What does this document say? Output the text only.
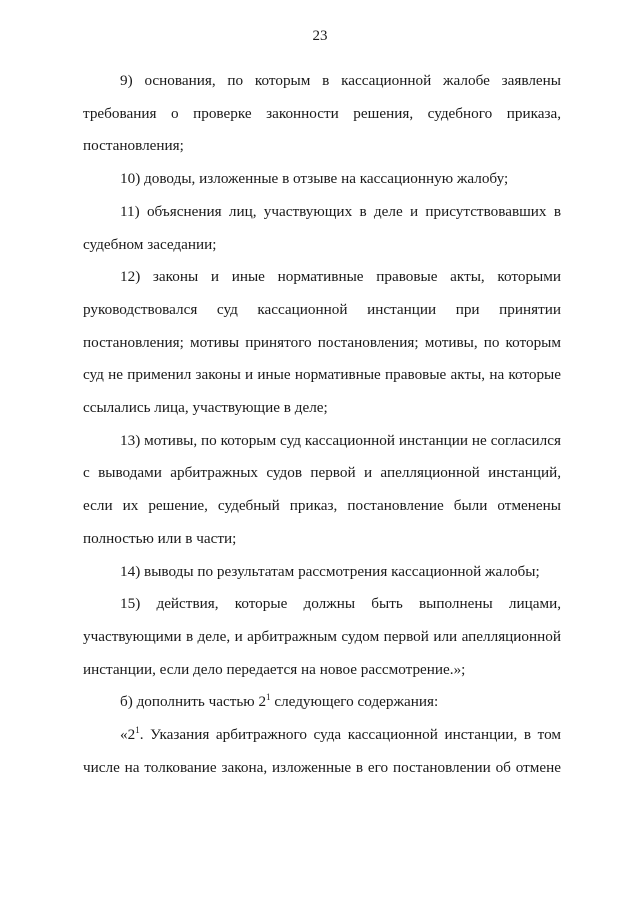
23

9) основания, по которым в кассационной жалобе заявлены требования о проверке законности решения, судебного приказа, постановления;

10) доводы, изложенные в отзыве на кассационную жалобу;

11) объяснения лиц, участвующих в деле и присутствовавших в судебном заседании;

12) законы и иные нормативные правовые акты, которыми руководствовался суд кассационной инстанции при принятии постановления; мотивы принятого постановления; мотивы, по которым суд не применил законы и иные нормативные правовые акты, на которые ссылались лица, участвующие в деле;

13) мотивы, по которым суд кассационной инстанции не согласился с выводами арбитражных судов первой и апелляционной инстанций, если их решение, судебный приказ, постановление были отменены полностью или в части;

14) выводы по результатам рассмотрения кассационной жалобы;

15) действия, которые должны быть выполнены лицами, участвующими в деле, и арбитражным судом первой или апелляционной инстанции, если дело передается на новое рассмотрение.»;

б) дополнить частью $2^1$ следующего содержания:

«$2^1$. Указания арбитражного суда кассационной инстанции, в том числе на толкование закона, изложенные в его постановлении об отмене
